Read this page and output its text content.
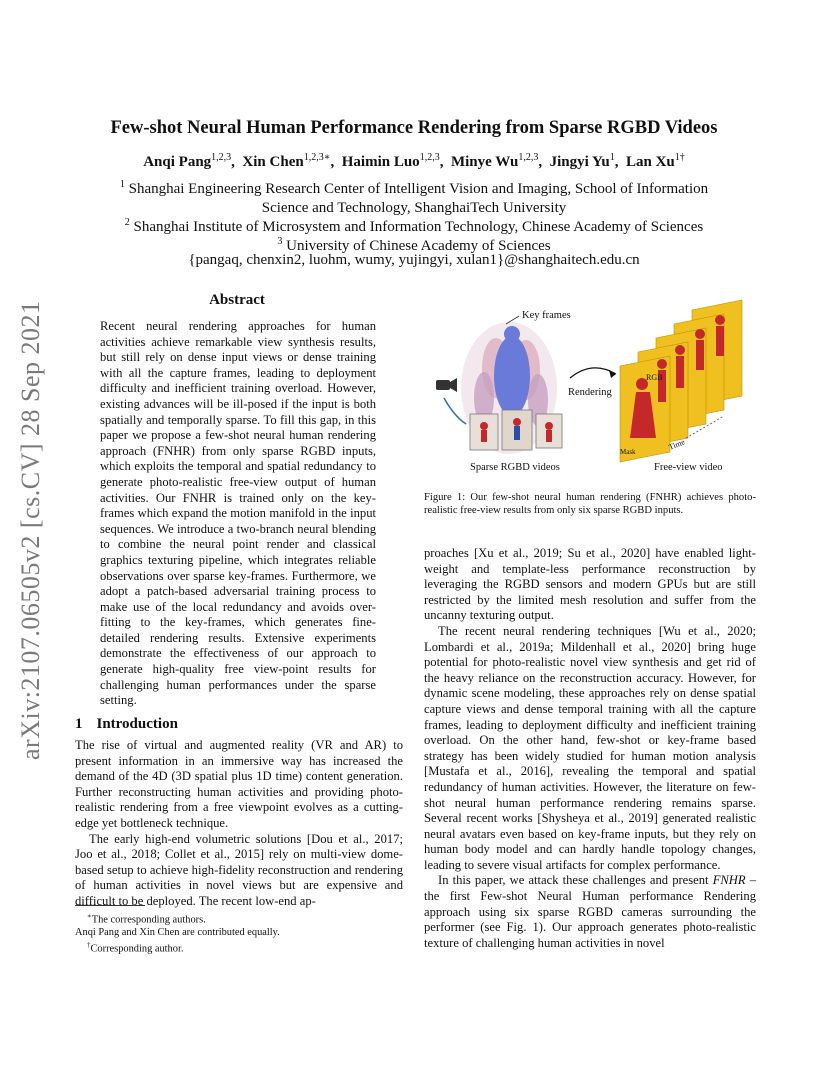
arXiv:2107.06505v2 [cs.CV] 28 Sep 2021
Few-shot Neural Human Performance Rendering from Sparse RGBD Videos
Anqi Pang$^{1,2,3}$,  Xin Chen$^{1,2,3∗}$,  Haimin Luo$^{1,2,3}$,  Minye Wu$^{1,2,3}$,  Jingyi Yu$^1$,  Lan $Xu^{1\dagger}$
$^1$ Shanghai Engineering Research Center of Intelligent Vision and Imaging, School of Information
Science and Technology, ShanghaiTech University
$^2$ Shanghai Institute of Microsystem and Information Technology, Chinese Academy of Sciences
$^3$ University of Chinese Academy of Sciences
{pangaq, chenxin2, luohm, wumy, yujingyi, xulan1}@shanghaitech.edu.cn
Abstract
Recent neural rendering approaches for human activities achieve remarkable view synthesis results, but still rely on dense input views or dense training with all the capture frames, leading to deployment difficulty and inefficient training overload. However, existing advances will be ill-posed if the input is both spatially and temporally sparse. To fill this gap, in this paper we propose a few-shot neural human rendering approach (FNHR) from only sparse RGBD inputs, which exploits the temporal and spatial redundancy to generate photo-realistic free-view output of human activities. Our FNHR is trained only on the key-frames which expand the motion manifold in the input sequences. We introduce a two-branch neural blending to combine the neural point render and classical graphics texturing pipeline, which integrates reliable observations over sparse key-frames. Furthermore, we adopt a patch-based adversarial training process to make use of the local redundancy and avoids over-fitting to the key-frames, which generates fine-detailed rendering results. Extensive experiments demonstrate the effectiveness of our approach to generate high-quality free view-point results for challenging human performances under the sparse setting.
Key frames
Rendering
RGB
Mask
Time
Sparse RGBD videos	Free-view video
Figure 1: Our few-shot neural human rendering (FNHR) achieves photo-realistic free-view results from only six sparse RGBD inputs.
1 Introduction

The rise of virtual and augmented reality (VR and AR) to present information in an immersive way has increased the demand of the 4D (3D spatial plus 1D time) content generation. Further reconstructing human activities and providing photo-realistic rendering from a free viewpoint evolves as a cutting-edge yet bottleneck technique.

The early high-end volumetric solutions [Dou et al., 2017; Joo et al., 2018; Collet et al., 2015] rely on multi-view dome-based setup to achieve high-fidelity reconstruction and rendering of human activities in novel views but are expensive and difficult to be deployed. The recent low-end ap-

proaches [Xu et al., 2019; Su et al., 2020] have enabled light-weight and template-less performance reconstruction by leveraging the RGBD sensors and modern GPUs but are still restricted by the limited mesh resolution and suffer from the uncanny texturing output.

The recent neural rendering techniques [Wu et al., 2020; Lombardi et al., 2019a; Mildenhall et al., 2020] bring huge potential for photo-realistic novel view synthesis and get rid of the heavy reliance on the reconstruction accuracy. However, for dynamic scene modeling, these approaches rely on dense spatial capture views and dense temporal training with all the capture frames, leading to deployment difficulty and inefficient training overload. On the other hand, few-shot or key-frame based strategy has been widely studied for human motion analysis [Mustafa et al., 2016], revealing the temporal and spatial redundancy of human activities. However, the literature on few-shot neural human performance rendering remains sparse. Several recent works [Shysheya et al., 2019] generated realistic neural avatars even based on key-frame inputs, but they rely on human body model and can hardly handle topology changes, leading to severe visual artifacts for complex performance.

In this paper, we attack these challenges and present FNHR – the first Few-shot Neural Human performance Rendering approach using six sparse RGBD cameras surrounding the performer (see Fig. 1). Our approach generates photo-realistic texture of challenging human activities in novel

∗The corresponding authors.
Anqi Pang and Xin Chen are contributed equally.
†Corresponding author.
